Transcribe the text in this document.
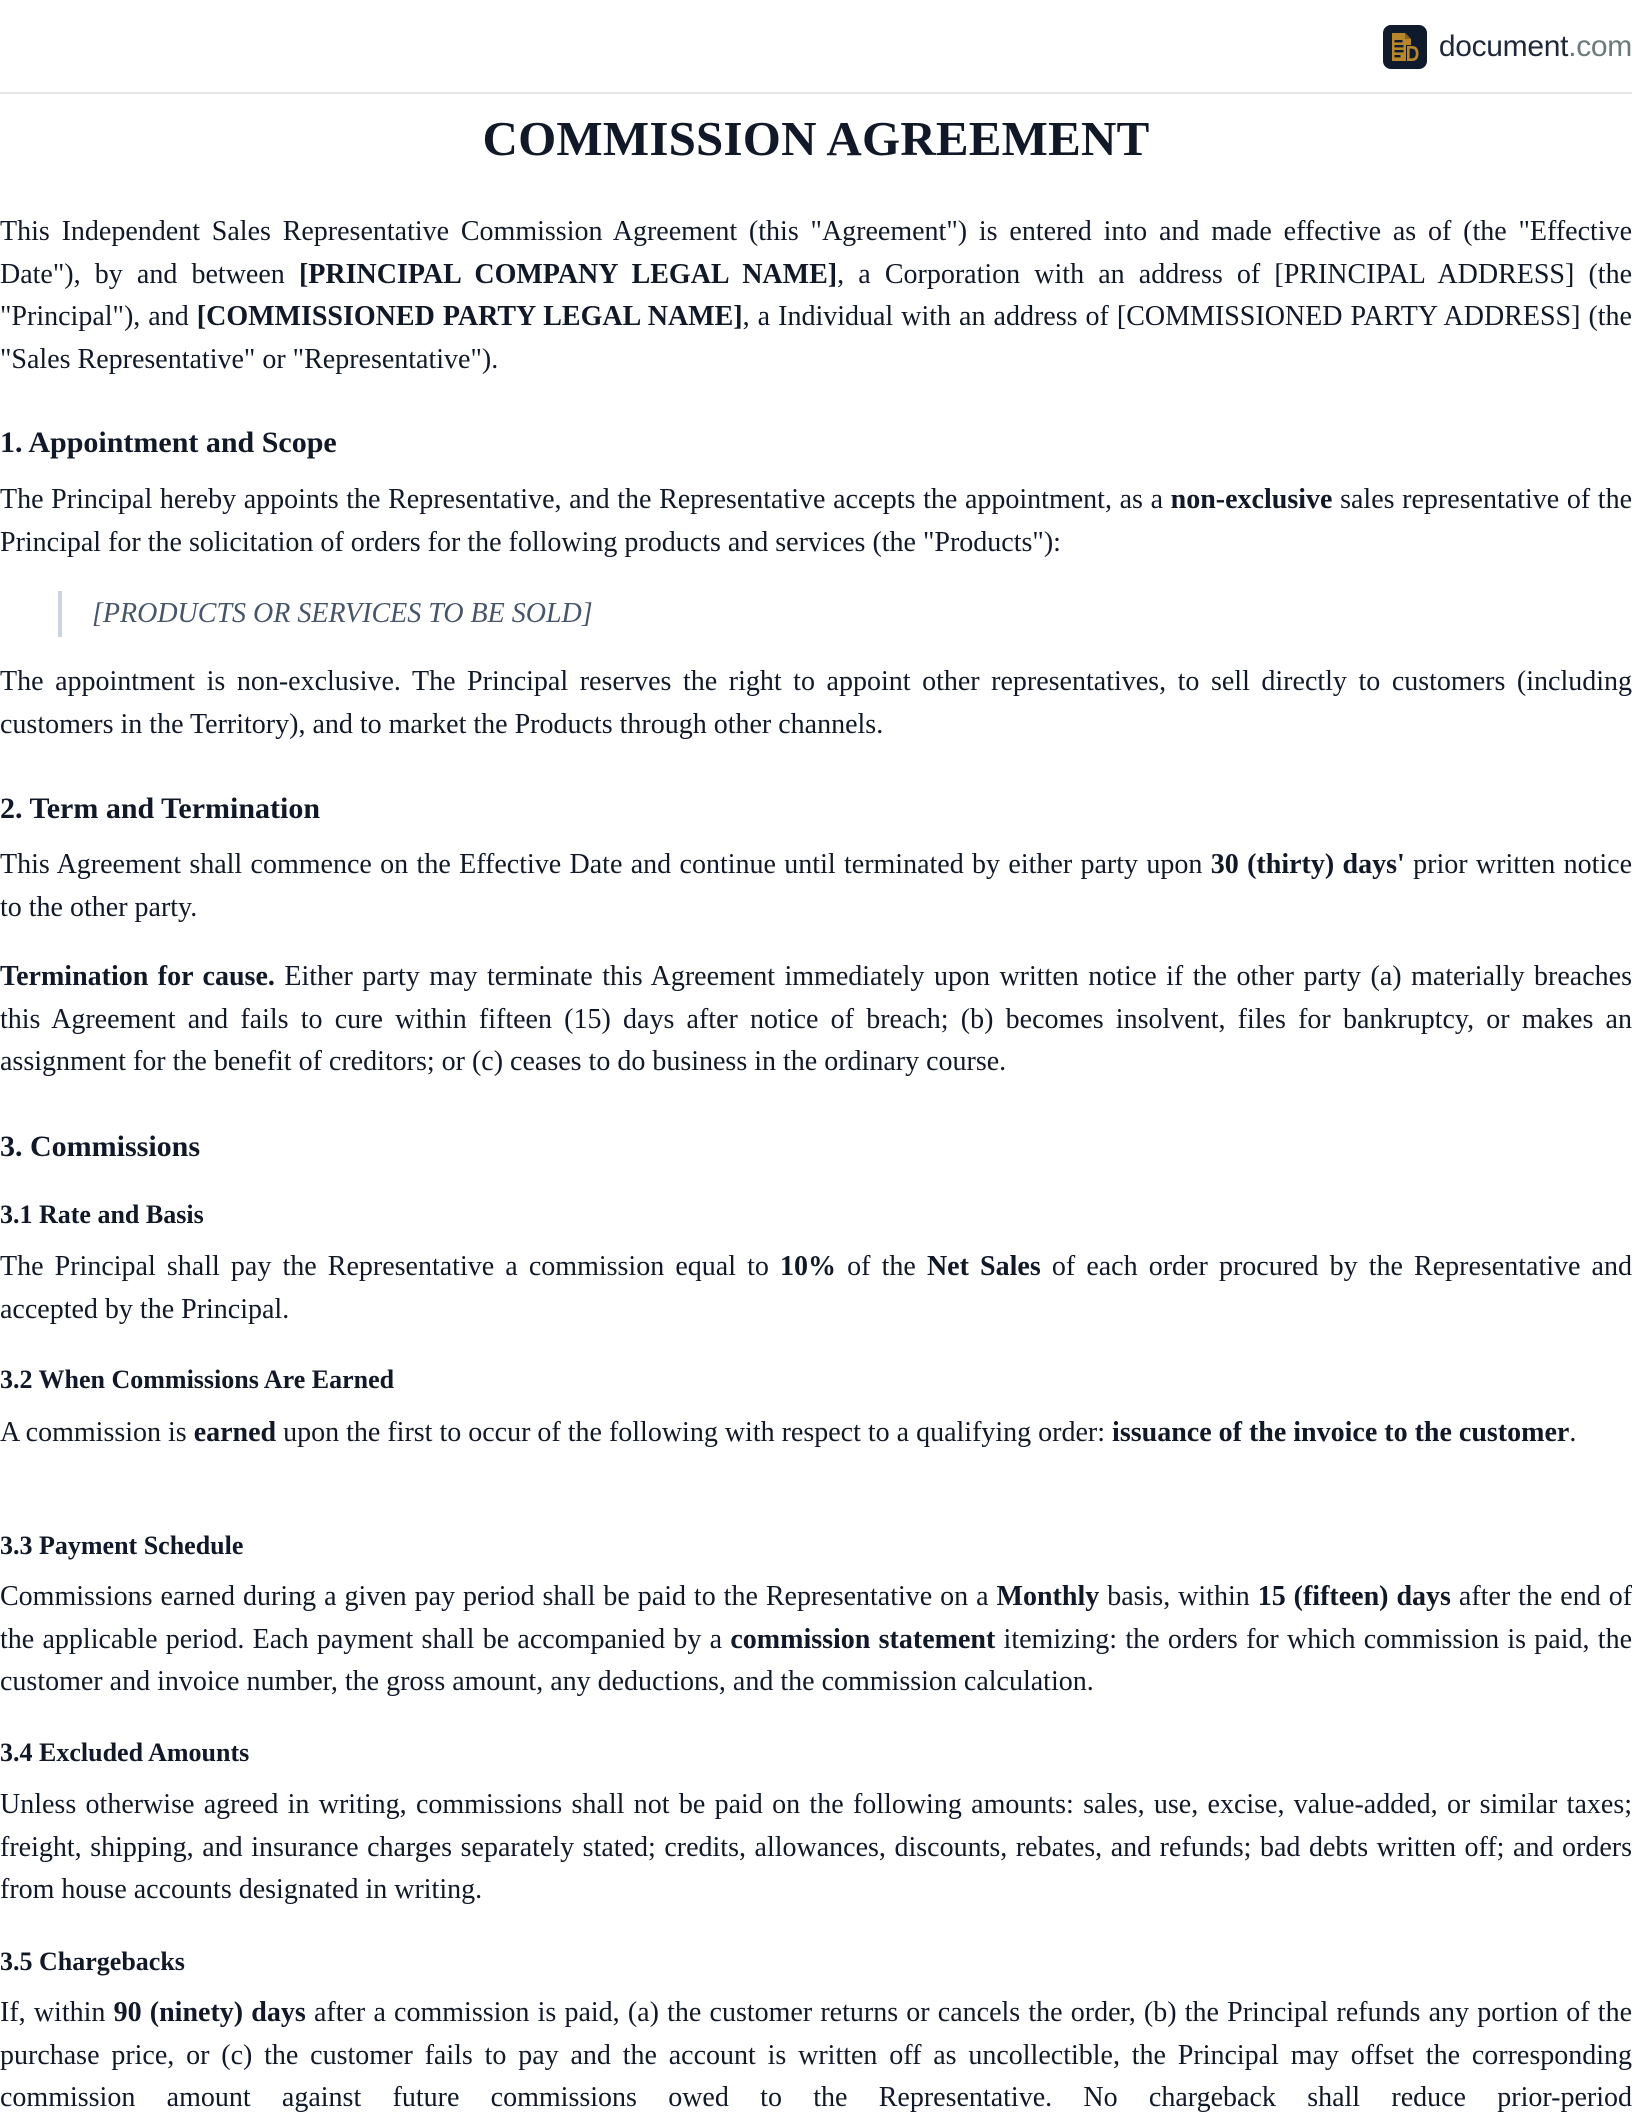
document.com
COMMISSION AGREEMENT

This Independent Sales Representative Commission Agreement (this "Agreement") is entered into and made effective as of (the "Effective Date"), by and between [PRINCIPAL COMPANY LEGAL NAME], a Corporation with an address of [PRINCIPAL ADDRESS] (the "Principal"), and [COMMISSIONED PARTY LEGAL NAME], a Individual with an address of [COMMISSIONED PARTY ADDRESS] (the "Sales Representative" or "Representative").

1. Appointment and Scope

The Principal hereby appoints the Representative, and the Representative accepts the appointment, as a non-exclusive sales representative of the Principal for the solicitation of orders for the following products and services (the "Products"):

[PRODUCTS OR SERVICES TO BE SOLD]

The appointment is non-exclusive. The Principal reserves the right to appoint other representatives, to sell directly to customers (including customers in the Territory), and to market the Products through other channels.

2. Term and Termination

This Agreement shall commence on the Effective Date and continue until terminated by either party upon 30 (thirty) days' prior written notice to the other party.

Termination for cause. Either party may terminate this Agreement immediately upon written notice if the other party (a) materially breaches this Agreement and fails to cure within fifteen (15) days after notice of breach; (b) becomes insolvent, files for bankruptcy, or makes an assignment for the benefit of creditors; or (c) ceases to do business in the ordinary course.

3. Commissions
3.1 Rate and Basis

The Principal shall pay the Representative a commission equal to 10% of the Net Sales of each order procured by the Representative and accepted by the Principal.

3.2 When Commissions Are Earned

A commission is earned upon the first to occur of the following with respect to a qualifying order: issuance of the invoice to the customer.

3.3 Payment Schedule

Commissions earned during a given pay period shall be paid to the Representative on a Monthly basis, within 15 (fifteen) days after the end of the applicable period. Each payment shall be accompanied by a commission statement itemizing: the orders for which commission is paid, the customer and invoice number, the gross amount, any deductions, and the commission calculation.

3.4 Excluded Amounts

Unless otherwise agreed in writing, commissions shall not be paid on the following amounts: sales, use, excise, value-added, or similar taxes; freight, shipping, and insurance charges separately stated; credits, allowances, discounts, rebates, and refunds; bad debts written off; and orders from house accounts designated in writing.

3.5 Chargebacks

If, within 90 (ninety) days after a commission is paid, (a) the customer returns or cancels the order, (b) the Principal refunds any portion of the purchase price, or (c) the customer fails to pay and the account is written off as uncollectible, the Principal may offset the corresponding commission amount against future commissions owed to the Representative. No chargeback shall reduce prior-period
